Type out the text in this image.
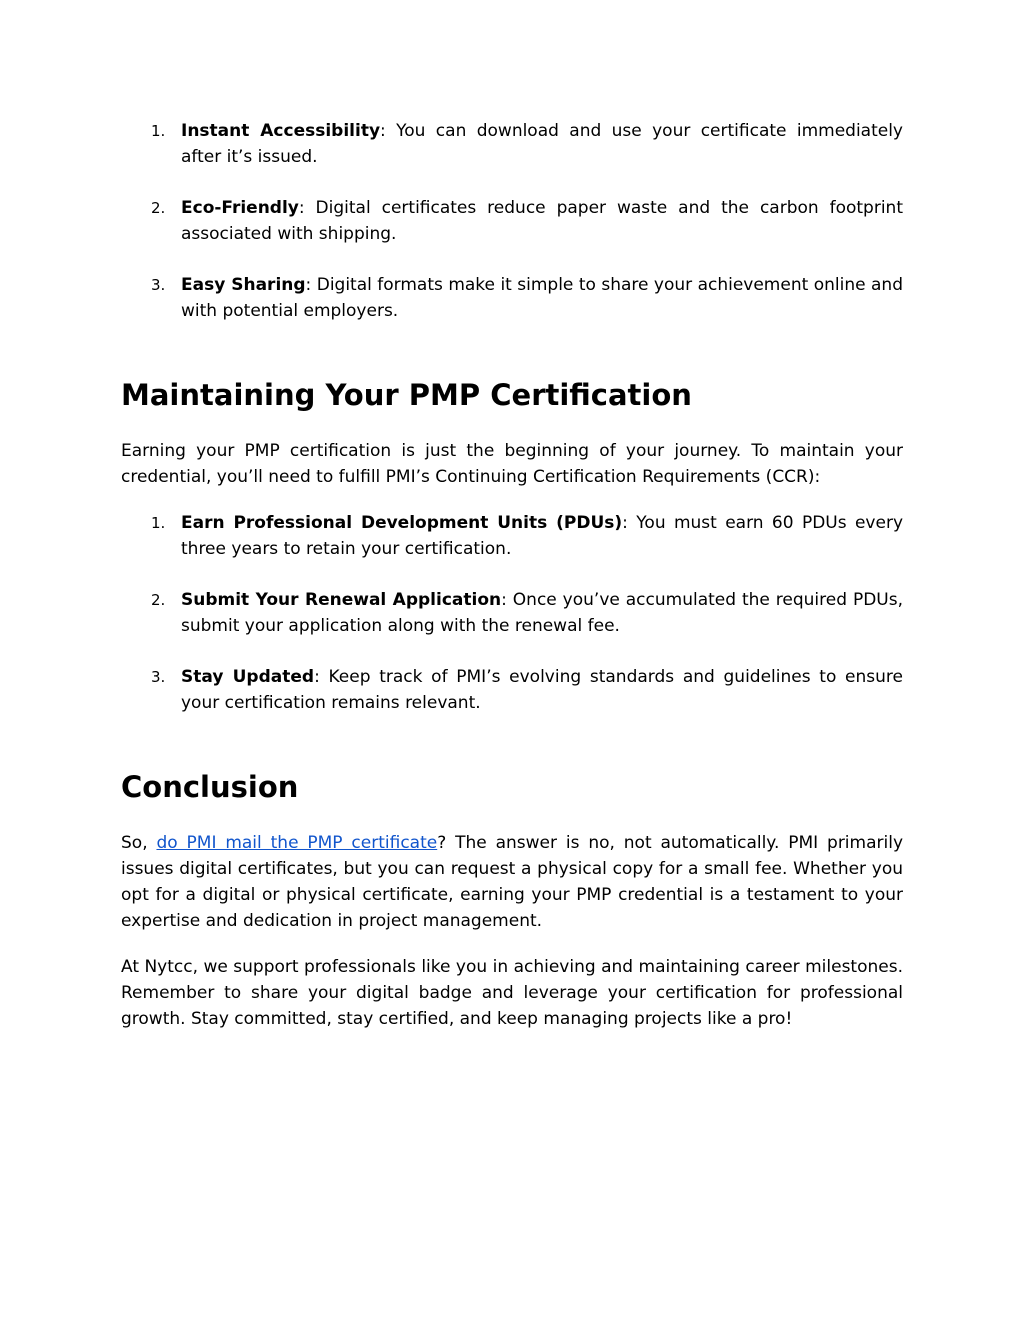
1. Instant Accessibility: You can download and use your certificate immediately after it’s issued.
2. Eco-Friendly: Digital certificates reduce paper waste and the carbon footprint associated with shipping.
3. Easy Sharing: Digital formats make it simple to share your achievement online and with potential employers.
Maintaining Your PMP Certification

Earning your PMP certification is just the beginning of your journey. To maintain your credential, you’ll need to fulfill PMI’s Continuing Certification Requirements (CCR):

1. Earn Professional Development Units (PDUs): You must earn 60 PDUs every three years to retain your certification.
2. Submit Your Renewal Application: Once you’ve accumulated the required PDUs, submit your application along with the renewal fee.
3. Stay Updated: Keep track of PMI’s evolving standards and guidelines to ensure your certification remains relevant.
Conclusion

So, do PMI mail the PMP certificate? The answer is no, not automatically. PMI primarily issues digital certificates, but you can request a physical copy for a small fee. Whether you opt for a digital or physical certificate, earning your PMP credential is a testament to your expertise and dedication in project management.

At Nytcc, we support professionals like you in achieving and maintaining career milestones. Remember to share your digital badge and leverage your certification for professional growth. Stay committed, stay certified, and keep managing projects like a pro!
